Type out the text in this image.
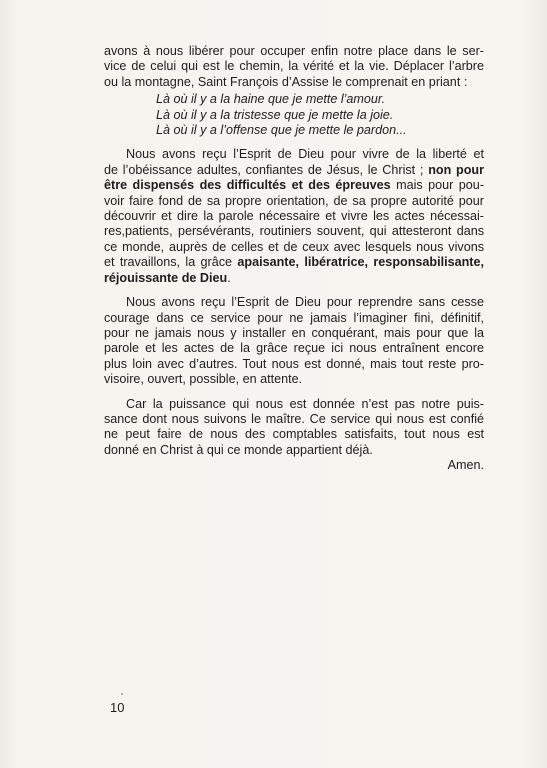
avons à nous libérer pour occuper enfin notre place dans le ser-
vice de celui qui est le chemin, la vérité et la vie. Déplacer l’arbre
ou la montagne, Saint François d’Assise le comprenait en priant :
Là où il y a la haine que je mette l’amour.
Là où il y a la tristesse que je mette la joie.
Là où il y a l’offense que je mette le pardon...
Nous avons reçu l’Esprit de Dieu pour vivre de la liberté et
de l’obéissance adultes, confiantes de Jésus, le Christ ; non pour
être dispensés des difficultés et des épreuves mais pour pou-
voir faire fond de sa propre orientation, de sa propre autorité pour
découvrir et dire la parole nécessaire et vivre les actes nécessai-
res,patients, persévérants, routiniers souvent, qui attesteront dans
ce monde, auprès de celles et de ceux avec lesquels nous vivons
et travaillons, la grâce apaisante, libératrice, responsabilisante,
réjouissante de Dieu.
Nous avons reçu l’Esprit de Dieu pour reprendre sans cesse
courage dans ce service pour ne jamais l’imaginer fini, définitif,
pour ne jamais nous y installer en conquérant, mais pour que la
parole et les actes de la grâce reçue ici nous entraînent encore
plus loin avec d’autres. Tout nous est donné, mais tout reste pro-
visoire, ouvert, possible, en attente.
Car la puissance qui nous est donnée n’est pas notre puis-
sance dont nous suivons le maître. Ce service qui nous est confié
ne peut faire de nous des comptables satisfaits, tout nous est
donné en Christ à qui ce monde appartient déjà.
Amen.
10
